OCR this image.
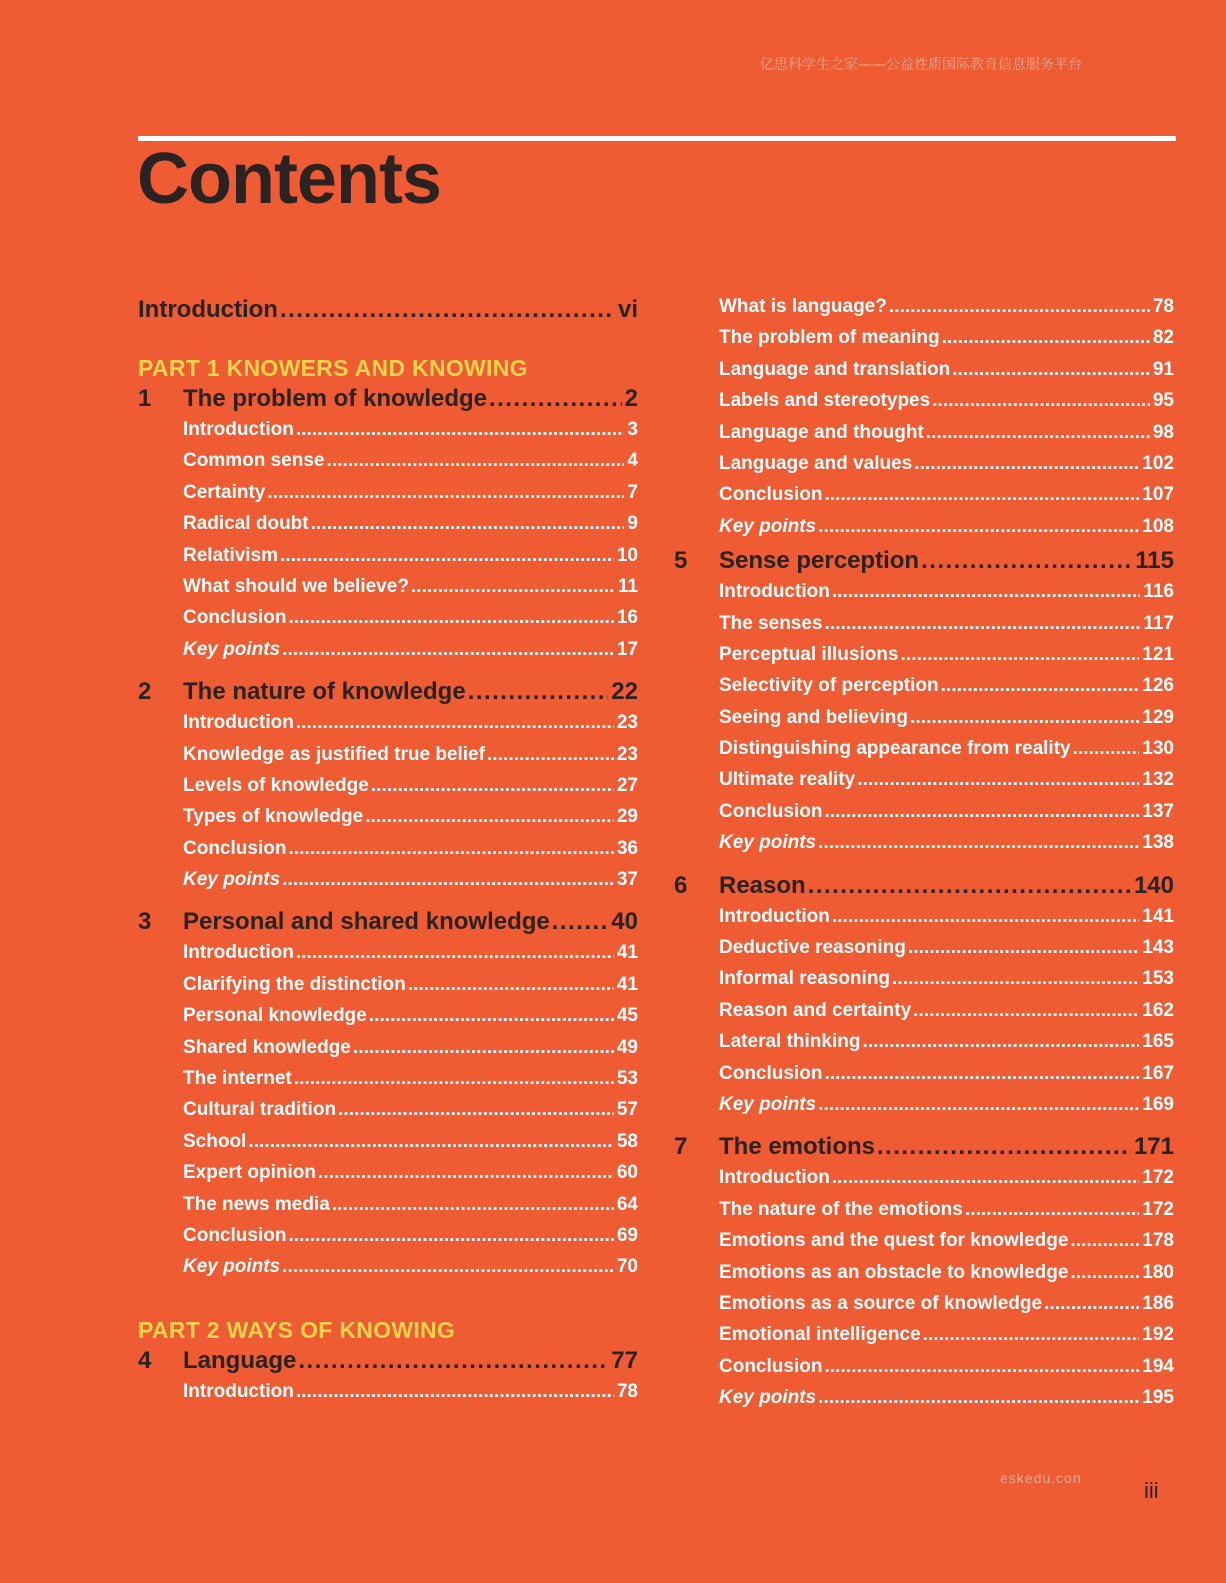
亿思科学生之家——公益性质国际教育信息服务平台
Contents
Introduction . . .	vi
PART 1 KNOWERS AND KNOWING
1	The problem of knowledge . . .	2
Introduction . . .	3
Common sense . . .	4
Certainty . . .	7
Radical doubt . . .	9
Relativism . . .	10
What should we believe? . . .	11
Conclusion . . .	16
Key points . . .	17
2	The nature of knowledge . . .	22
Introduction . . .	23
Knowledge as justified true belief . . .	23
Levels of knowledge . . .	27
Types of knowledge . . .	29
Conclusion . . .	36
Key points . . .	37
3	Personal and shared knowledge . . .	40
Introduction . . .	41
Clarifying the distinction . . .	41
Personal knowledge . . .	45
Shared knowledge . . .	49
The internet . . .	53
Cultural tradition . . .	57
School . . .	58
Expert opinion . . .	60
The news media . . .	64
Conclusion . . .	69
Key points . . .	70
PART 2 WAYS OF KNOWING
4	Language . . .	77
Introduction . . .	78
What is language? . . .	78
The problem of meaning . . .	82
Language and translation . . .	91
Labels and stereotypes . . .	95
Language and thought . . .	98
Language and values . . .	102
Conclusion . . .	107
Key points . . .	108
5	Sense perception . . .	115
Introduction . . .	116
The senses . . .	117
Perceptual illusions . . .	121
Selectivity of perception . . .	126
Seeing and believing . . .	129
Distinguishing appearance from reality . . .	130
Ultimate reality . . .	132
Conclusion . . .	137
Key points . . .	138
6	Reason . . .	140
Introduction . . .	141
Deductive reasoning . . .	143
Informal reasoning . . .	153
Reason and certainty . . .	162
Lateral thinking . . .	165
Conclusion . . .	167
Key points . . .	169
7	The emotions . . .	171
Introduction . . .	172
The nature of the emotions . . .	172
Emotions and the quest for knowledge . . .	178
Emotions as an obstacle to knowledge . . .	180
Emotions as a source of knowledge . . .	186
Emotional intelligence . . .	192
Conclusion . . .	194
Key points . . .	195
eskedu.con	iii
